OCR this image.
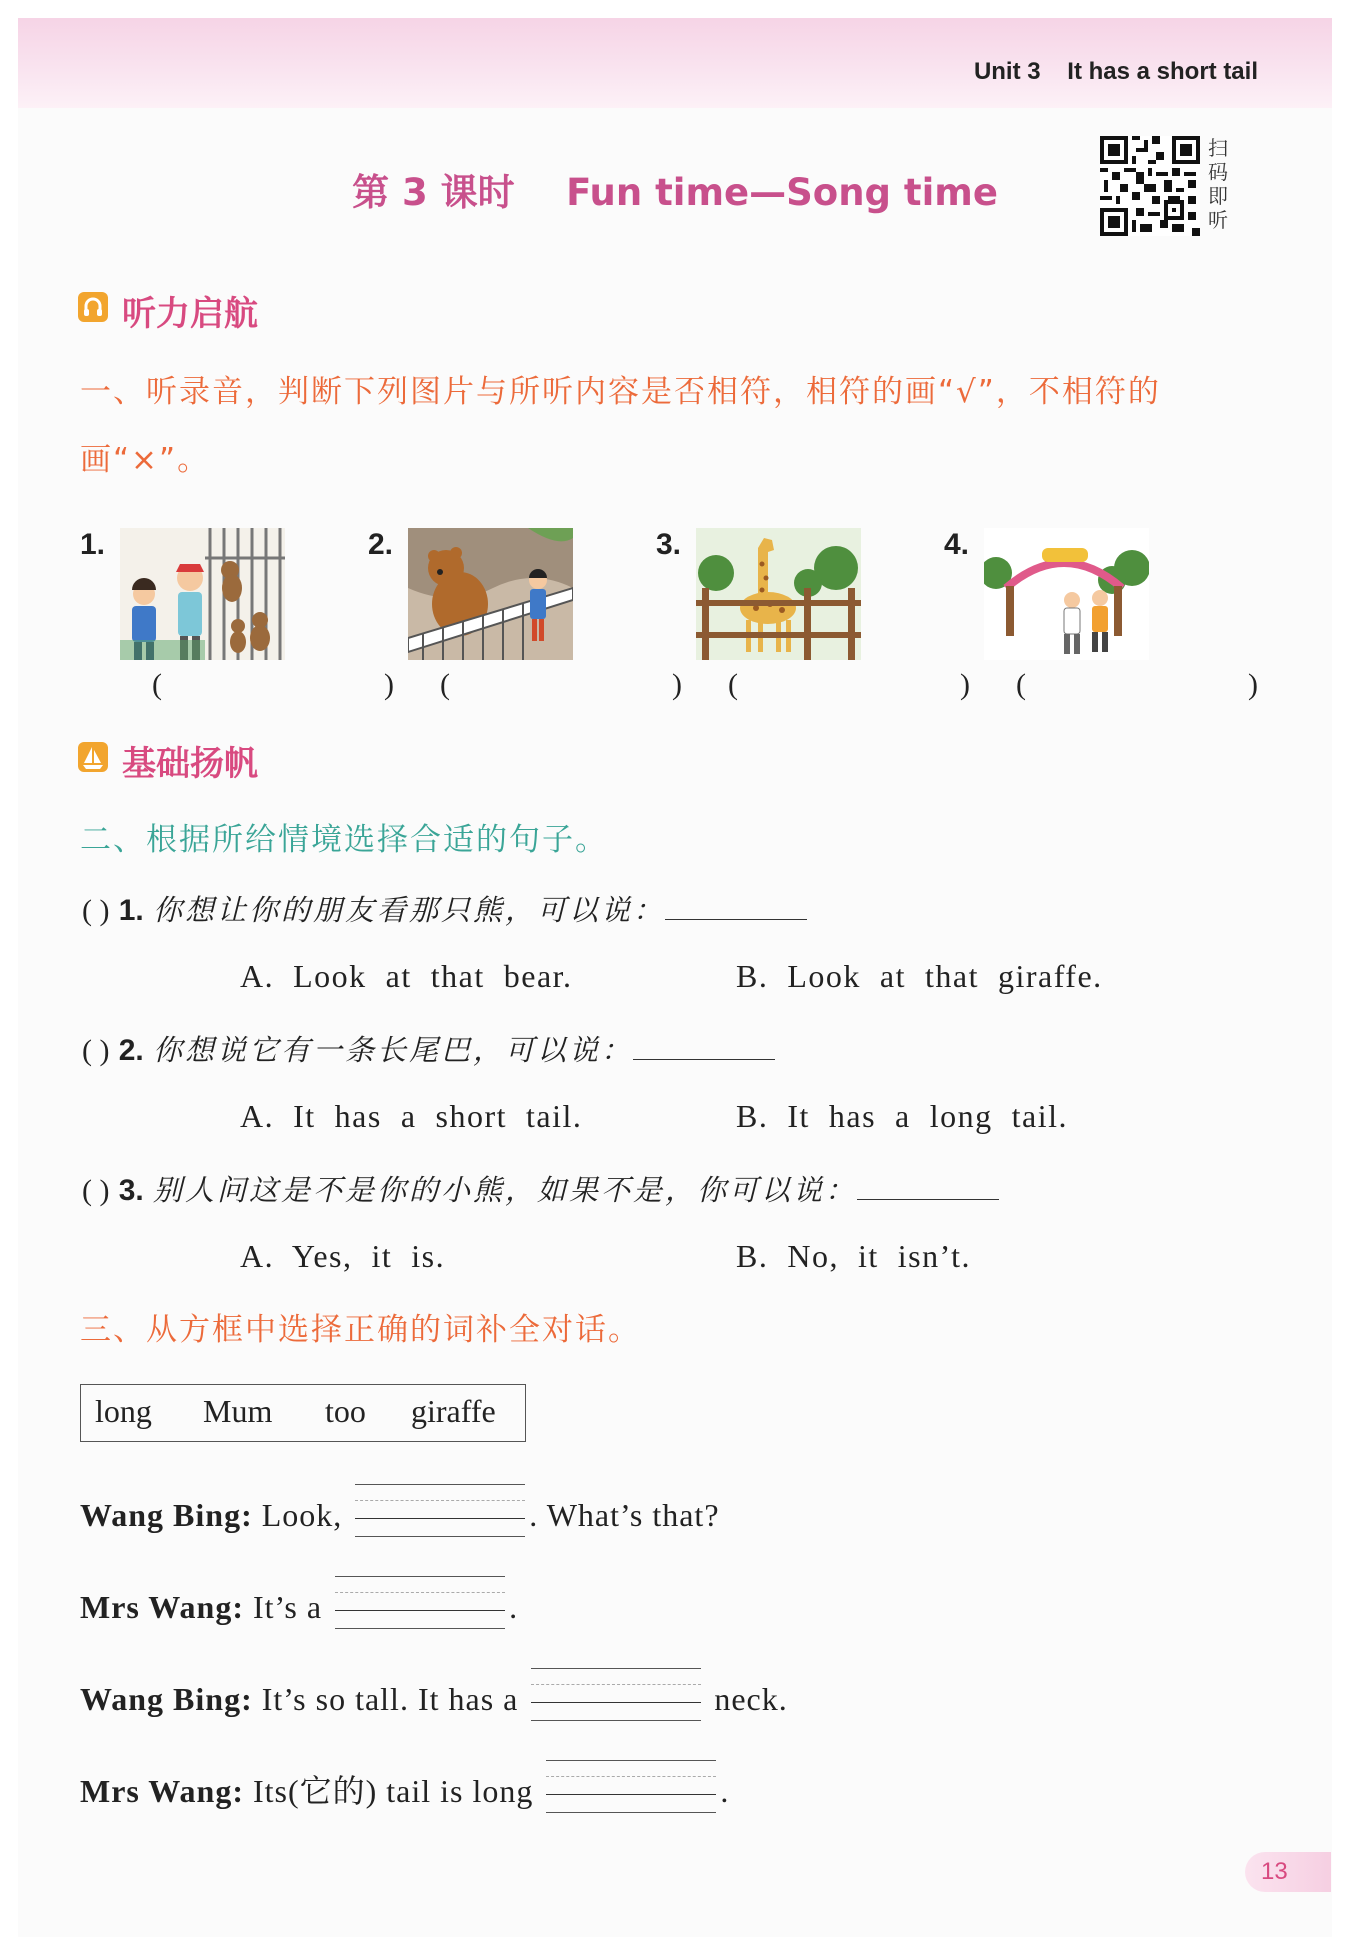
Unit 3    It has a short tail
第 3 课时    Fun time—Song time
扫码即听
听力启航
一、听录音，判断下列图片与所听内容是否相符，相符的画“√”，不相符的
画“×”。
1.
(    )
2.
(    )
3.
(    )
4.
(    )
基础扬帆
二、根据所给情境选择合适的句子。
( ) 1. 你想让你的朋友看那只熊，可以说：
A.  Look  at  that  bear.	B.  Look  at  that  giraffe.
( ) 2. 你想说它有一条长尾巴，可以说：
A.  It  has  a  short  tail.	B.  It  has  a  long  tail.
( ) 3. 别人问这是不是你的小熊，如果不是，你可以说：
A.  Yes,  it  is.	B.  No,  it  isn’t.
三、从方框中选择正确的词补全对话。
long Mum too giraffe
Wang Bing: Look,	. What’s that?
Mrs Wang: It’s a	.
Wang Bing: It’s so tall. It has a	neck.
Mrs Wang: Its(它的) tail is long	.
13
